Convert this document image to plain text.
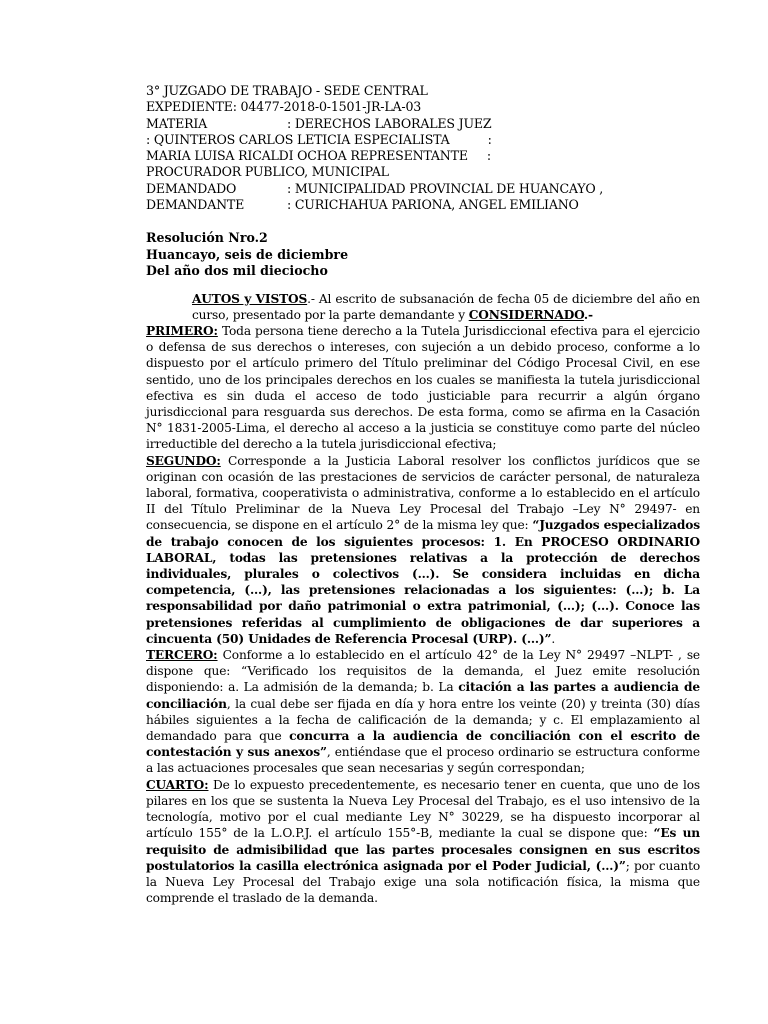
3° JUZGADO DE TRABAJO - SEDE CENTRAL
EXPEDIENTE: 04477-2018-0-1501-JR-LA-03
MATERIA	: DERECHOS LABORALES JUEZ
: QUINTEROS CARLOS LETICIA ESPECIALISTA          :
MARIA LUISA RICALDI OCHOA REPRESENTANTE     :
PROCURADOR PUBLICO, MUNICIPAL
DEMANDADO	: MUNICIPALIDAD PROVINCIAL DE HUANCAYO ,
DEMANDANTE	: CURICHAHUA PARIONA, ANGEL EMILIANO
Resolución Nro.2
Huancayo, seis de diciembre
Del año dos mil dieciocho

AUTOS y VISTOS.- Al escrito de subsanación de fecha 05 de diciembre del año en curso, presentado por la parte demandante y CONSIDERNADO.-

PRIMERO: Toda persona tiene derecho a la Tutela Jurisdiccional efectiva para el ejercicio o defensa de sus derechos o intereses, con sujeción a un debido proceso, conforme a lo dispuesto por el artículo primero del Título preliminar del Código Procesal Civil, en ese sentido, uno de los principales derechos en los cuales se manifiesta la tutela jurisdiccional efectiva es sin duda el acceso de todo justiciable para recurrir a algún órgano jurisdiccional para resguarda sus derechos. De esta forma, como se afirma en la Casación N° 1831-2005-Lima, el derecho al acceso a la justicia se constituye como parte del núcleo irreductible del derecho a la tutela jurisdiccional efectiva;

SEGUNDO: Corresponde a la Justicia Laboral resolver los conflictos jurídicos que se originan con ocasión de las prestaciones de servicios de carácter personal, de naturaleza laboral, formativa, cooperativista o administrativa, conforme a lo establecido en el artículo II del Título Preliminar de la Nueva Ley Procesal del Trabajo –Ley N° 29497- en consecuencia, se dispone en el artículo 2° de la misma ley que: “Juzgados especializados de trabajo conocen de los siguientes procesos: 1. En PROCESO ORDINARIO LABORAL, todas las pretensiones relativas a la protección de derechos individuales, plurales o colectivos (…). Se considera incluidas en dicha competencia, (…), las pretensiones relacionadas a los siguientes: (…); b. La responsabilidad por daño patrimonial o extra patrimonial, (…); (…). Conoce las pretensiones referidas al cumplimiento de obligaciones de dar superiores a cincuenta (50) Unidades de Referencia Procesal (URP). (…)”.

TERCERO: Conforme a lo establecido en el artículo 42° de la Ley N° 29497 –NLPT- , se dispone que: “Verificado los requisitos de la demanda, el Juez emite resolución disponiendo: a. La admisión de la demanda; b. La citación a las partes a audiencia de conciliación, la cual debe ser fijada en día y hora entre los veinte (20) y treinta (30) días hábiles siguientes a la fecha de calificación de la demanda; y c. El emplazamiento al demandado para que concurra a la audiencia de conciliación con el escrito de contestación y sus anexos”, entiéndase que el proceso ordinario se estructura conforme a las actuaciones procesales que sean necesarias y según correspondan;

CUARTO: De lo expuesto precedentemente, es necesario tener en cuenta, que uno de los pilares en los que se sustenta la Nueva Ley Procesal del Trabajo, es el uso intensivo de la tecnología, motivo por el cual mediante Ley N° 30229, se ha dispuesto incorporar al artículo 155° de la L.O.P.J. el artículo 155°-B, mediante la cual se dispone que: “Es un requisito de admisibilidad que las partes procesales consignen en sus escritos postulatorios la casilla electrónica asignada por el Poder Judicial, (…)”; por cuanto la Nueva Ley Procesal del Trabajo exige una sola notificación física, la misma que comprende el traslado de la demanda.
